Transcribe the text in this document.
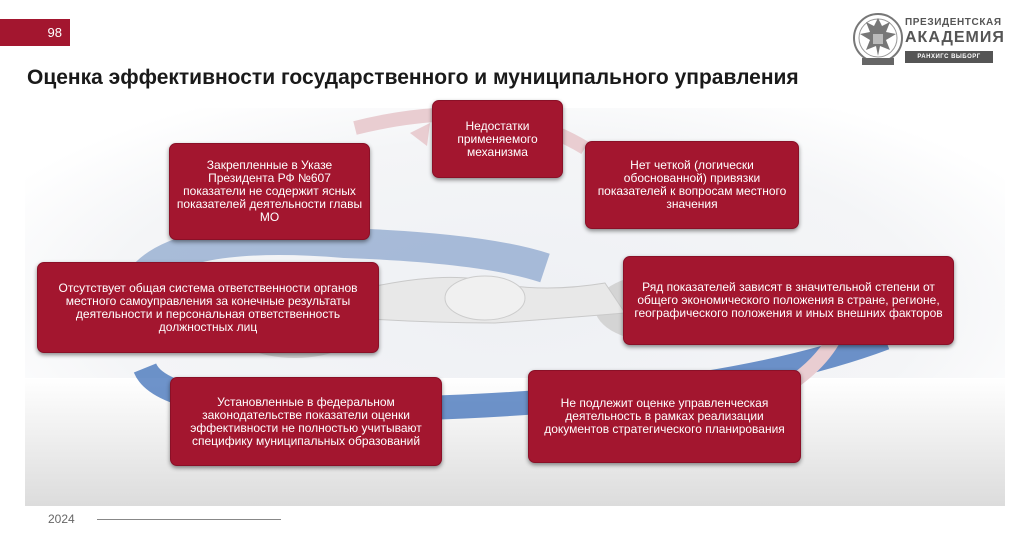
98
Оценка эффективности государственного и муниципального управления
ПРЕЗИДЕНТСКАЯ
АКАДЕМИЯ
РАНХИГС ВЫБОРГ
Недостатки применяемого механизма
Нет четкой (логически обоснованной) привязки показателей к вопросам местного значения
Ряд показателей зависят в значительной степени от общего экономического положения в стране, регионе, географического положения и иных внешних факторов
Не подлежит оценке управленческая деятельность в рамках реализации документов стратегического планирования
Установленные в федеральном законодательстве показатели оценки эффективности не полностью учитывают специфику муниципальных образований
Отсутствует общая система ответственности органов местного самоуправления за конечные результаты деятельности и персональная ответственность должностных лиц
Закрепленные в Указе Президента РФ №607 показатели не содержит ясных показателей деятельности главы МО
2024
